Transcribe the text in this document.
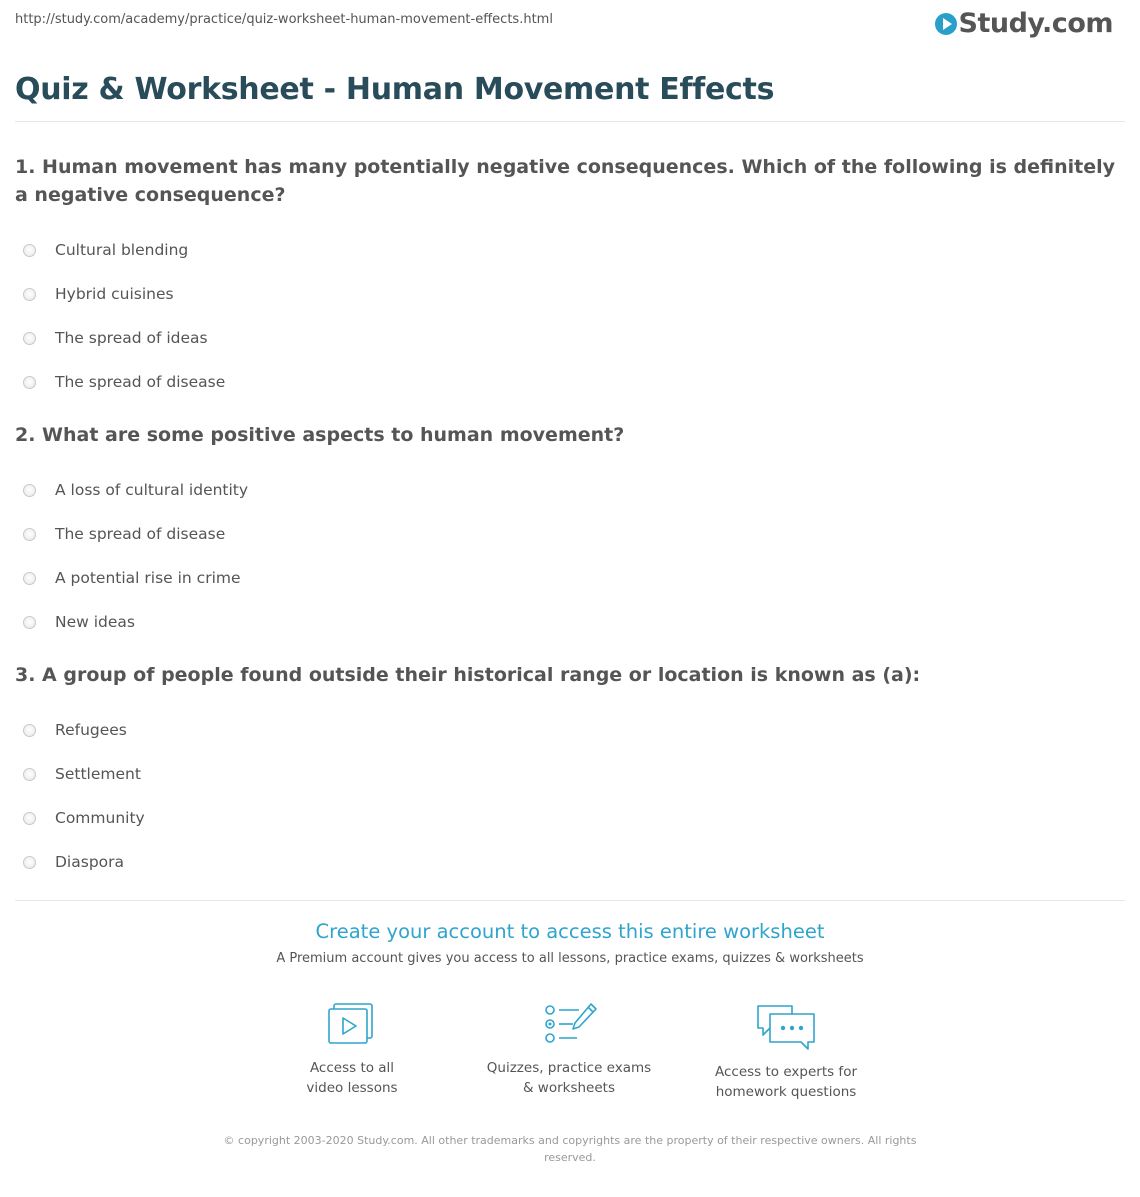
http://study.com/academy/practice/quiz-worksheet-human-movement-effects.html	Study.com
Quiz & Worksheet - Human Movement Effects
1. Human movement has many potentially negative consequences. Which of the following is definitely a negative consequence?
Cultural blending
Hybrid cuisines
The spread of ideas
The spread of disease
2. What are some positive aspects to human movement?
A loss of cultural identity
The spread of disease
A potential rise in crime
New ideas
3. A group of people found outside their historical range or location is known as (a):
Refugees
Settlement
Community
Diaspora
Create your account to access this entire worksheet
A Premium account gives you access to all lessons, practice exams, quizzes & worksheets
Access to all
video lessons
Quizzes, practice exams
& worksheets
Access to experts for
homework questions
© copyright 2003-2020 Study.com. All other trademarks and copyrights are the property of their respective owners. All rights reserved.
